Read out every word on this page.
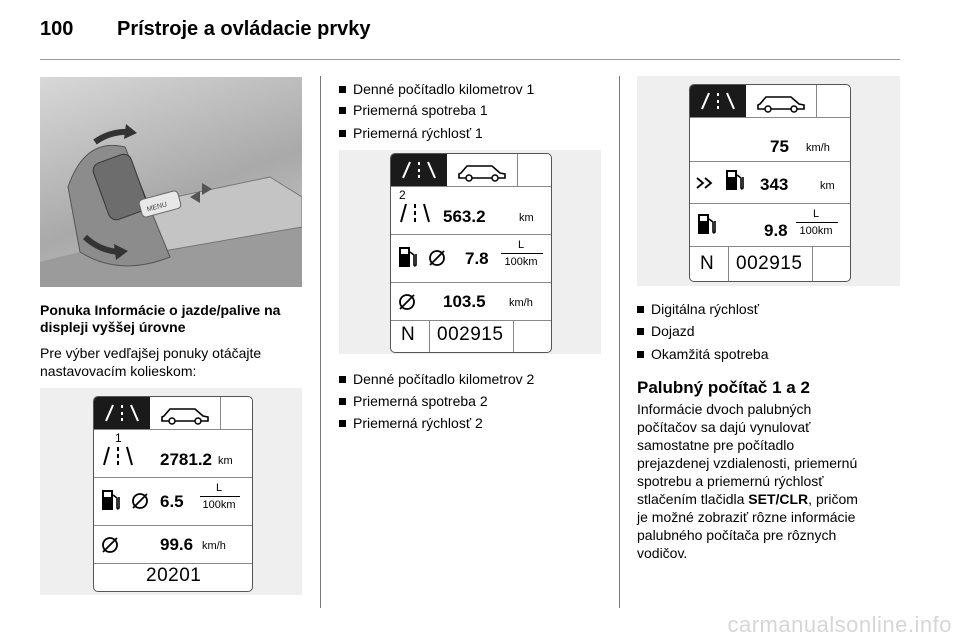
100 Prístroje a ovládacie prvky
MENU
Ponuka Informácie o jazde/palive na displeji vyššej úrovne
Pre výber vedľajšej ponuky otáčajte nastavovacím kolieskom:
1
2781.2 km
6.5
L
100km
99.6 km/h
20201
Denné počítadlo kilometrov 1
Priemerná spotreba 1
Priemerná rýchlosť 1
2
563.2	km
7.8
L
100km
103.5 km/h
N 002915
Denné počítadlo kilometrov 2
Priemerná spotreba 2
Priemerná rýchlosť 2
75 km/h
343	km
9.8
L
100km
N 002915
Digitálna rýchlosť
Dojazd
Okamžitá spotreba
Palubný počítač 1 a 2
Informácie dvoch palubných
počítačov sa dajú vynulovať
samostatne pre počítadlo
prejazdenej vzdialenosti, priemernú
spotrebu a priemernú rýchlosť
stlačením tlačidla SET/CLR, pričom
je možné zobraziť rôzne informácie
palubného počítača pre rôznych
vodičov.
carmanualsonline.info
